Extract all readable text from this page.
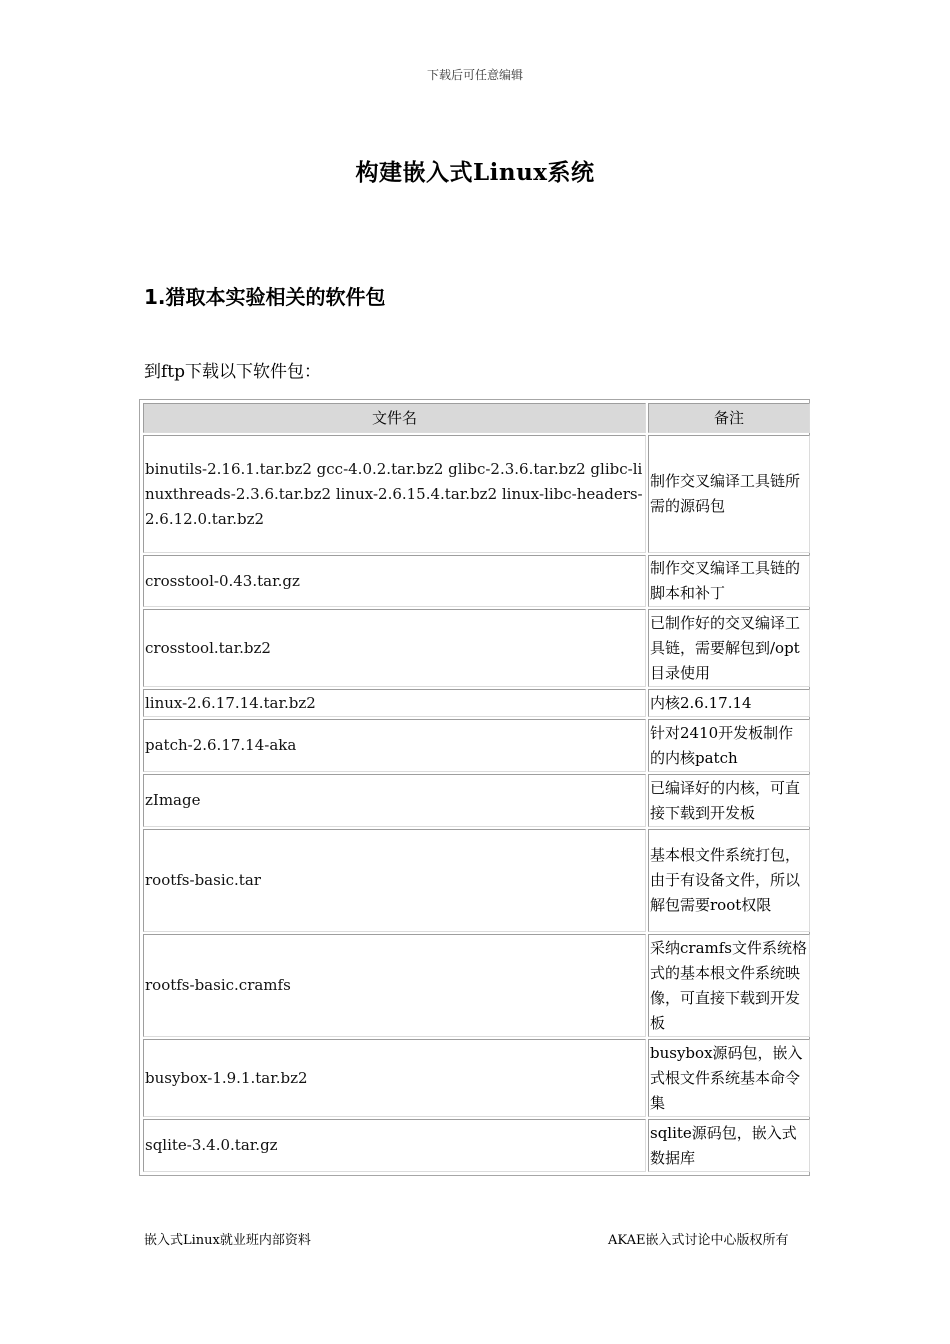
下载后可任意编辑
构建嵌入式Linux系统
1.猎取本实验相关的软件包
到ftp下载以下软件包：
文件名	备注
binutils-2.16.1.tar.bz2 gcc-4.0.2.tar.bz2 glibc-2.3.6.tar.bz2 glibc-linuxthreads-2.3.6.tar.bz2 linux-2.6.15.4.tar.bz2 linux-libc-headers-2.6.12.0.tar.bz2	制作交叉编译工具链所需的源码包
crosstool-0.43.tar.gz	制作交叉编译工具链的脚本和补丁
crosstool.tar.bz2	已制作好的交叉编译工具链，需要解包到/opt目录使用
linux-2.6.17.14.tar.bz2	内核2.6.17.14
patch-2.6.17.14-aka	针对2410开发板制作的内核patch
zImage	已编译好的内核，可直接下载到开发板
rootfs-basic.tar	基本根文件系统打包，由于有设备文件，所以解包需要root权限
rootfs-basic.cramfs	采纳cramfs文件系统格式的基本根文件系统映像，可直接下载到开发板
busybox-1.9.1.tar.bz2	busybox源码包，嵌入式根文件系统基本命令集
sqlite-3.4.0.tar.gz	sqlite源码包，嵌入式数据库
嵌入式Linux就业班内部资料	AKAE嵌入式讨论中心版权所有
